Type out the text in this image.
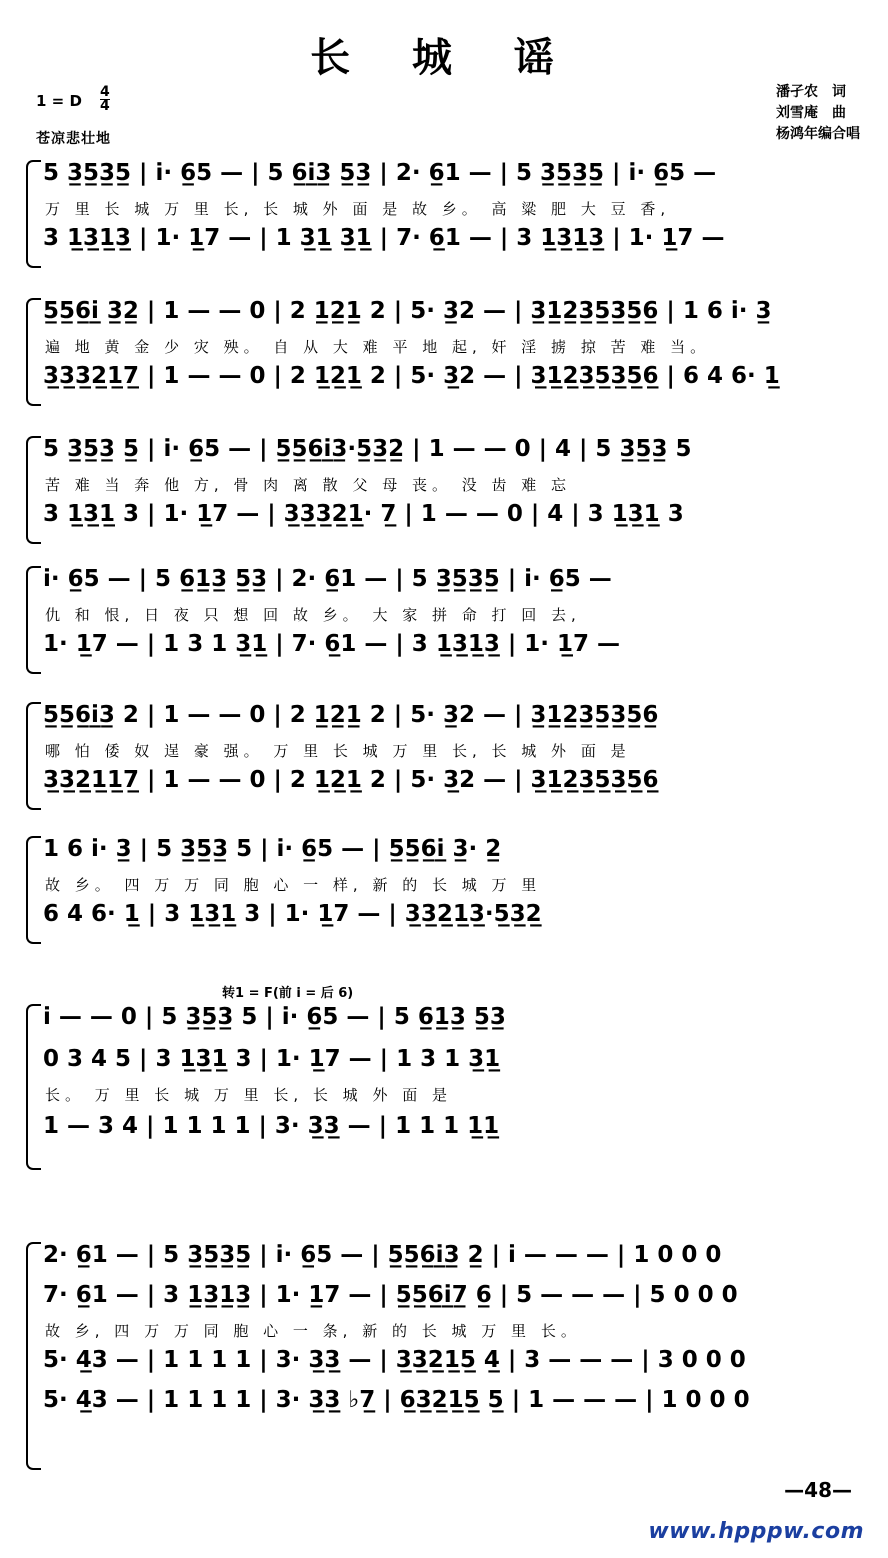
长 城 谣
潘孑农 词
刘雪庵 曲
杨鸿年编合唱
1 = D $\frac{4}{4}$
苍凉悲壮地
5 3̲5̲3̲5̲ | i̇· 6̲5 — | 5 6̲i̲̇3̲ 5̲3̲ | 2· 6̲1 — | 5 3̲5̲3̲5̲ | i̇· 6̲5 —
万 里 长 城 万 里 长, 长 城 外 面 是 故 乡。 高 粱 肥 大 豆 香,
3 1̲3̲1̲3̲ | 1· 1̲7 — | 1 3̲1̲ 3̲1̲ | 7· 6̲1 — | 3 1̲3̲1̲3̲ | 1· 1̲7 —
5̲5̲6̲i̲̇ 3̲2̲ | 1 — — 0 | 2 1̲2̲1̲ 2 | 5· 3̲2 — | 3̲1̲2̲3̲5̲3̲5̲6̲ | 1 6 i̇· 3̲
遍 地 黄 金 少 灾 殃。 自 从 大 难 平 地 起, 奸 淫 掳 掠 苦 难 当。
3̲3̲3̲2̲1̲7̲ | 1 — — 0 | 2 1̲2̲1̲ 2 | 5· 3̲2 — | 3̲1̲2̲3̲5̲3̲5̲6̲ | 6 4 6· 1̲
5 3̲5̲3̲ 5̲ | i̇· 6̲5 — | 5̲5̲6̲i̲̇3̲·5̲3̲2̲ | 1 — — 0 | 4 | 5 3̲5̲3̲ 5
苦 难 当 奔 他 方, 骨 肉 离 散 父 母 丧。 没 齿 难 忘
3 1̲3̲1̲ 3 | 1· 1̲7 — | 3̲3̲3̲2̲1̲· 7̲ | 1 — — 0 | 4 | 3 1̲3̲1̲ 3
i̇· 6̲5 — | 5 6̲1̲3̲ 5̲3̲ | 2· 6̲1 — | 5 3̲5̲3̲5̲ | i̇· 6̲5 —
仇 和 恨, 日 夜 只 想 回 故 乡。 大 家 拼 命 打 回 去,
1· 1̲7 — | 1 3 1 3̲1̲ | 7· 6̲1 — | 3 1̲3̲1̲3̲ | 1· 1̲7 —
5̲5̲6̲i̲̇3̲ 2 | 1 — — 0 | 2 1̲2̲1̲ 2 | 5· 3̲2 — | 3̲1̲2̲3̲5̲3̲5̲6̲
哪 怕 倭 奴 逞 豪 强。 万 里 长 城 万 里 长, 长 城 外 面 是
3̲3̲2̲1̲1̲7̲ | 1 — — 0 | 2 1̲2̲1̲ 2 | 5· 3̲2 — | 3̲1̲2̲3̲5̲3̲5̲6̲
1 6 i̇· 3̲ | 5 3̲5̲3̲ 5 | i̇· 6̲5 — | 5̲5̲6̲i̲̇ 3̲· 2̲
故 乡。 四 万 万 同 胞 心 一 样, 新 的 长 城 万 里
6 4 6· 1̲ | 3 1̲3̲1̲ 3 | 1· 1̲7 — | 3̲3̲2̲1̲3̲·5̲3̲2̲
转1 = F(前 i = 后 6)
i̇ — — 0 | 5 3̲5̲3̲ 5 | i̇· 6̲5 — | 5 6̲1̲3̲ 5̲3̲
0 3 4 5 | 3 1̲3̲1̲ 3 | 1· 1̲7 — | 1 3 1 3̲1̲
长。 万 里 长 城 万 里 长, 长 城 外 面 是
1 — 3 4 | 1 1 1 1 | 3· 3̲3̲ — | 1 1 1 1̲1̲
2· 6̲1 — | 5 3̲5̲3̲5̲ | i̇· 6̲5 — | 5̲5̲6̲i̲̇3̲ 2̲ | i̇ — — — | 1 0 0 0
7· 6̲1 — | 3 1̲3̲1̲3̲ | 1· 1̲7 — | 5̲5̲6̲i̲̇7̲ 6̲ | 5 — — — | 5 0 0 0
故 乡, 四 万 万 同 胞 心 一 条, 新 的 长 城 万 里 长。
5· 4̲3 — | 1 1 1 1 | 3· 3̲3̲ — | 3̲3̲2̲1̲5̲ 4̲ | 3 — — — | 3 0 0 0
5· 4̲3 — | 1 1 1 1 | 3· 3̲3̲ ♭7̲ | 6̲3̲2̲1̲5̲ 5̲ | 1 — — — | 1 0 0 0
—48—
www.hpppw.com
